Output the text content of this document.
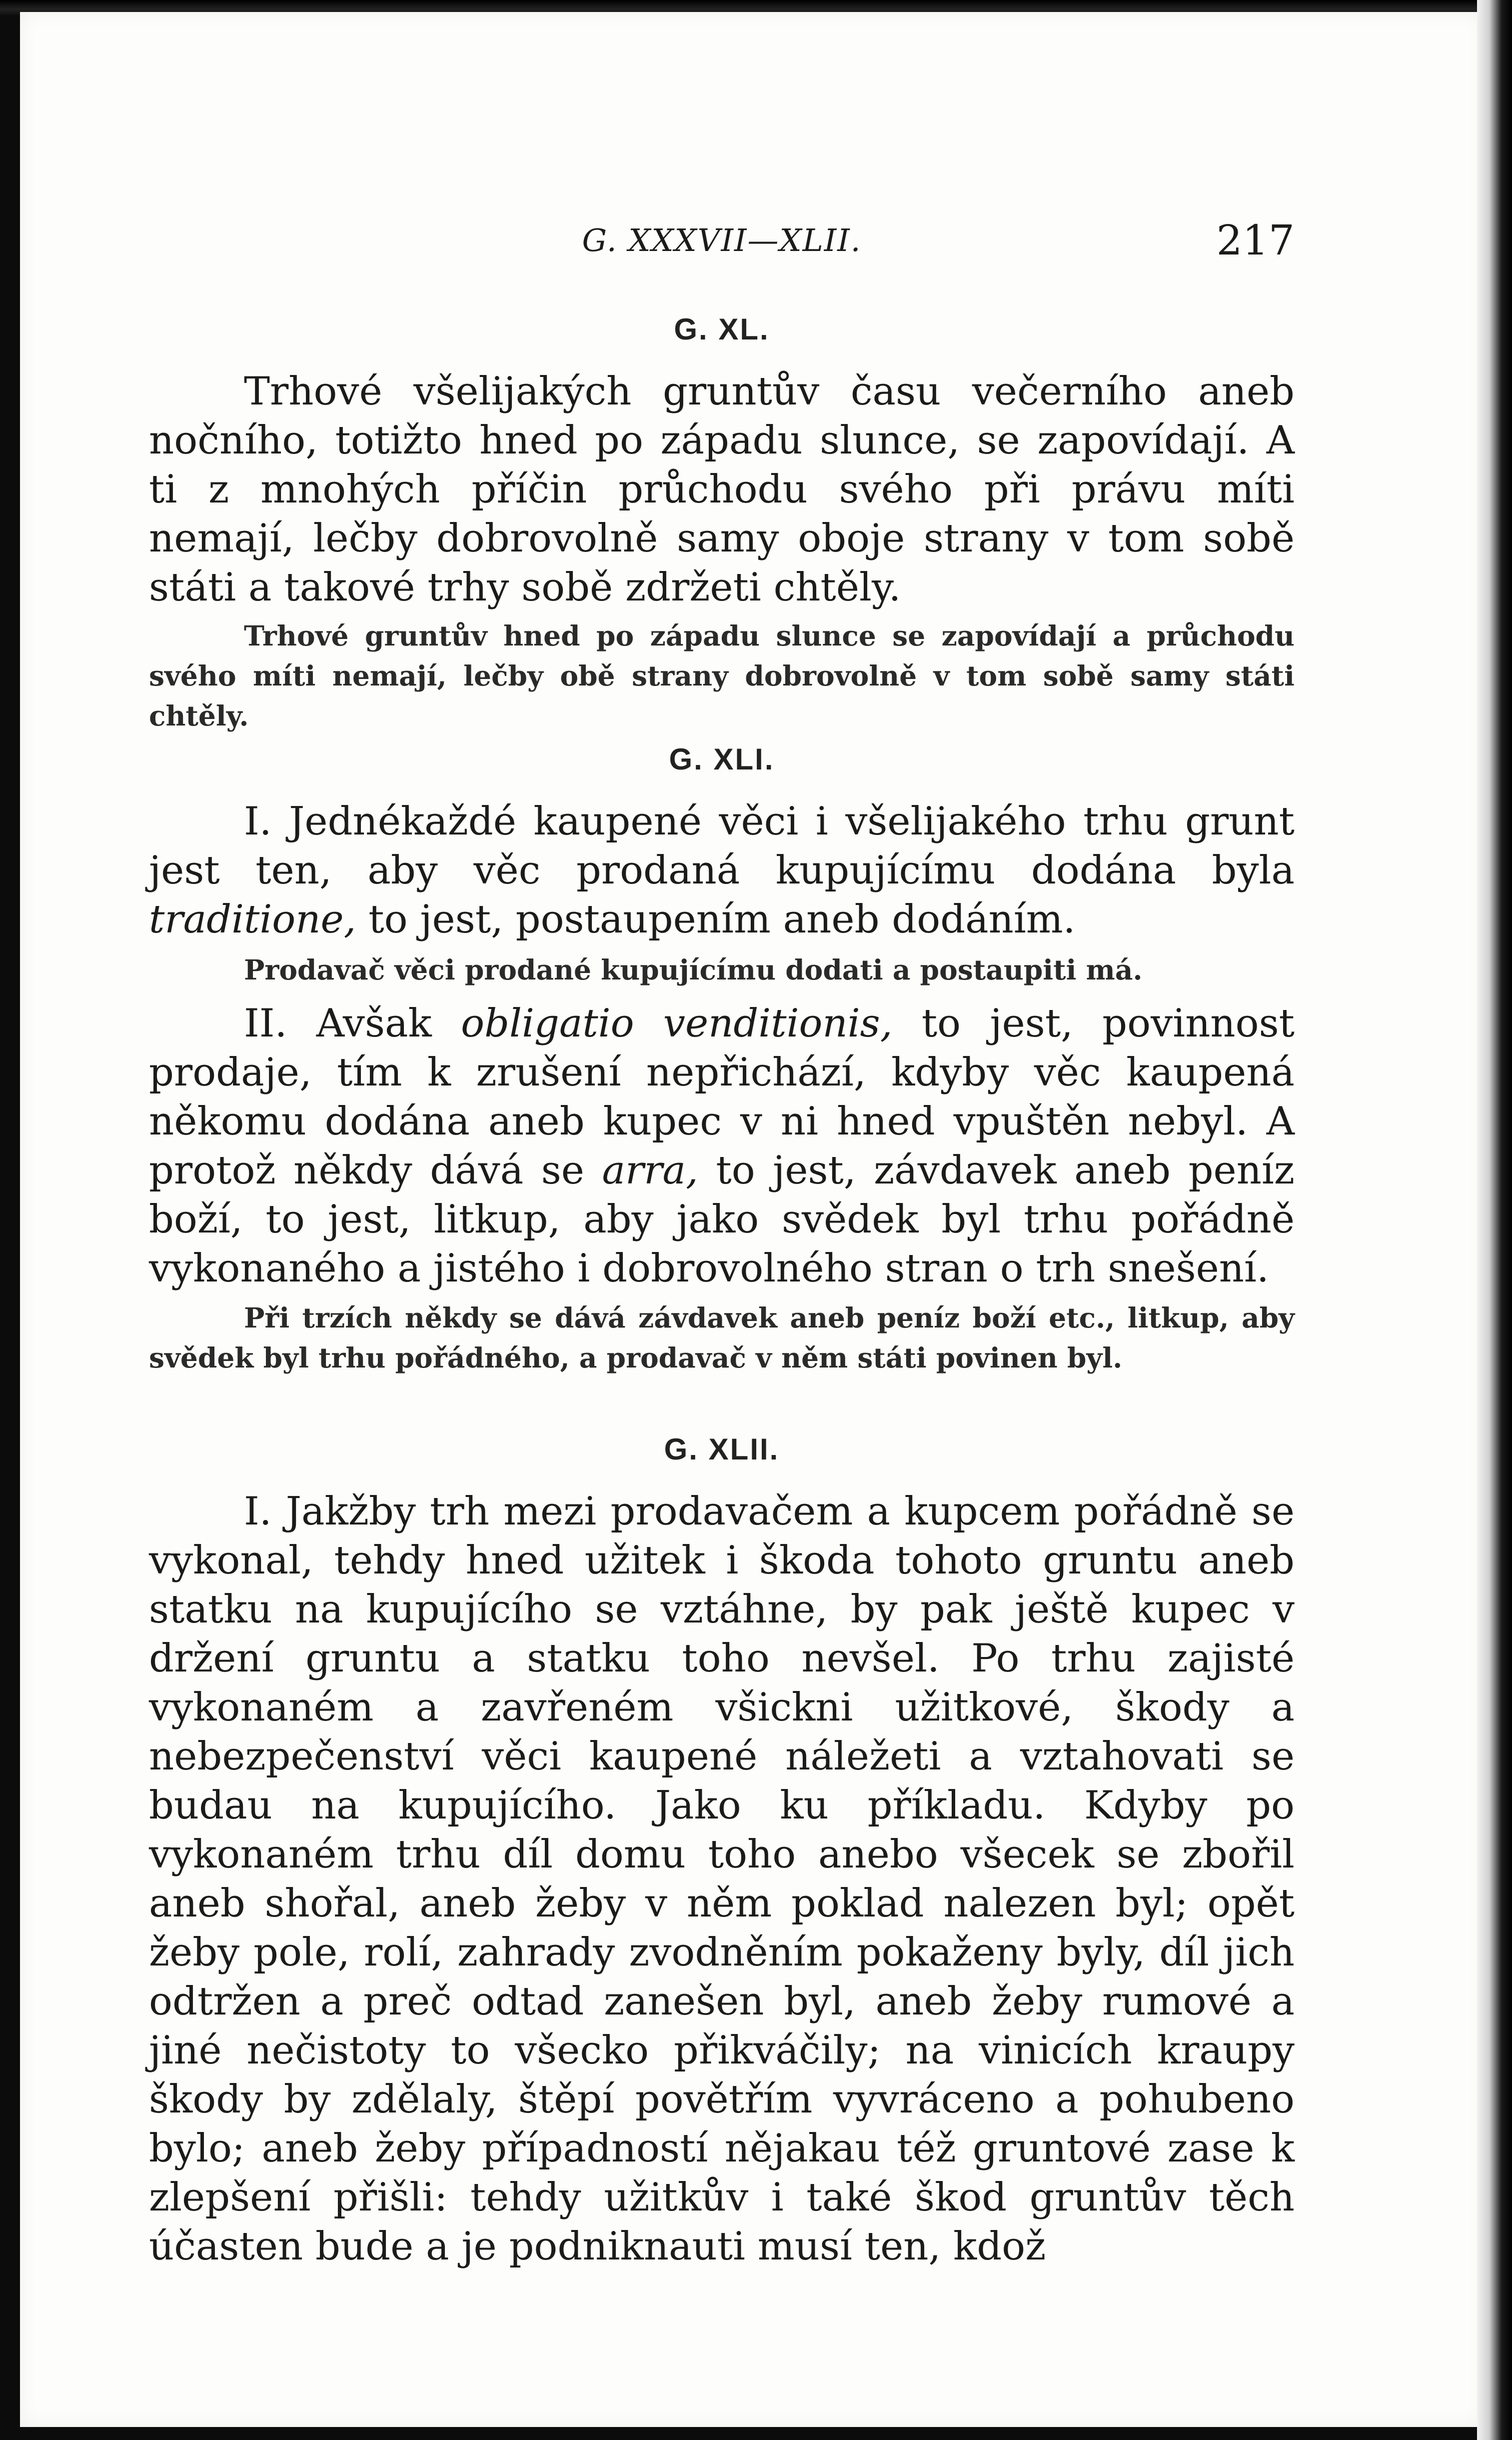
G. XXXVII—XLII.	217
G. XL.

Trhové všelijakých gruntův času večerního aneb nočního, totižto hned po západu slunce, se zapovídají. A ti z mnohých příčin průchodu svého při právu míti nemají, lečby dobrovolně samy oboje strany v tom sobě státi a takové trhy sobě zdržeti chtěly.

Trhové gruntův hned po západu slunce se zapovídají a průchodu svého míti nemají, lečby obě strany dobrovolně v tom sobě samy státi chtěly.

G. XLI.

I. Jednékaždé kaupené věci i všelijakého trhu grunt jest ten, aby věc prodaná kupujícímu dodána byla traditione, to jest, postaupením aneb dodáním.

Prodavač věci prodané kupujícímu dodati a postaupiti má.

II. Avšak obligatio venditionis, to jest, povinnost prodaje, tím k zrušení nepřichází, kdyby věc kaupená někomu dodána aneb kupec v ni hned vpuštěn nebyl. A protož někdy dává se arra, to jest, závdavek aneb peníz boží, to jest, litkup, aby jako svědek byl trhu pořádně vykonaného a jistého i dobrovolného stran o trh snešení.

Při trzích někdy se dává závdavek aneb peníz boží etc., litkup, aby svědek byl trhu pořádného, a prodavač v něm státi povinen byl.

G. XLII.

I. Jakžby trh mezi prodavačem a kupcem pořádně se vykonal, tehdy hned užitek i škoda tohoto gruntu aneb statku na kupujícího se vztáhne, by pak ještě kupec v držení gruntu a statku toho nevšel. Po trhu zajisté vykonaném a zavřeném všickni užitkové, škody a nebezpečenství věci kaupené náležeti a vztahovati se budau na kupujícího. Jako ku příkladu. Kdyby po vykonaném trhu díl domu toho anebo všecek se zbořil aneb shořal, aneb žeby v něm poklad nalezen byl; opět žeby pole, rolí, zahrady zvodněním pokaženy byly, díl jich odtržen a preč odtad zanešen byl, aneb žeby rumové a jiné nečistoty to všecko přikváčily; na vinicích kraupy škody by zdělaly, štěpí povětřím vyvráceno a pohubeno bylo; aneb žeby případností nějakau též gruntové zase k zlepšení přišli: tehdy užitkův i také škod gruntův těch účasten bude a je podniknauti musí ten, kdož
